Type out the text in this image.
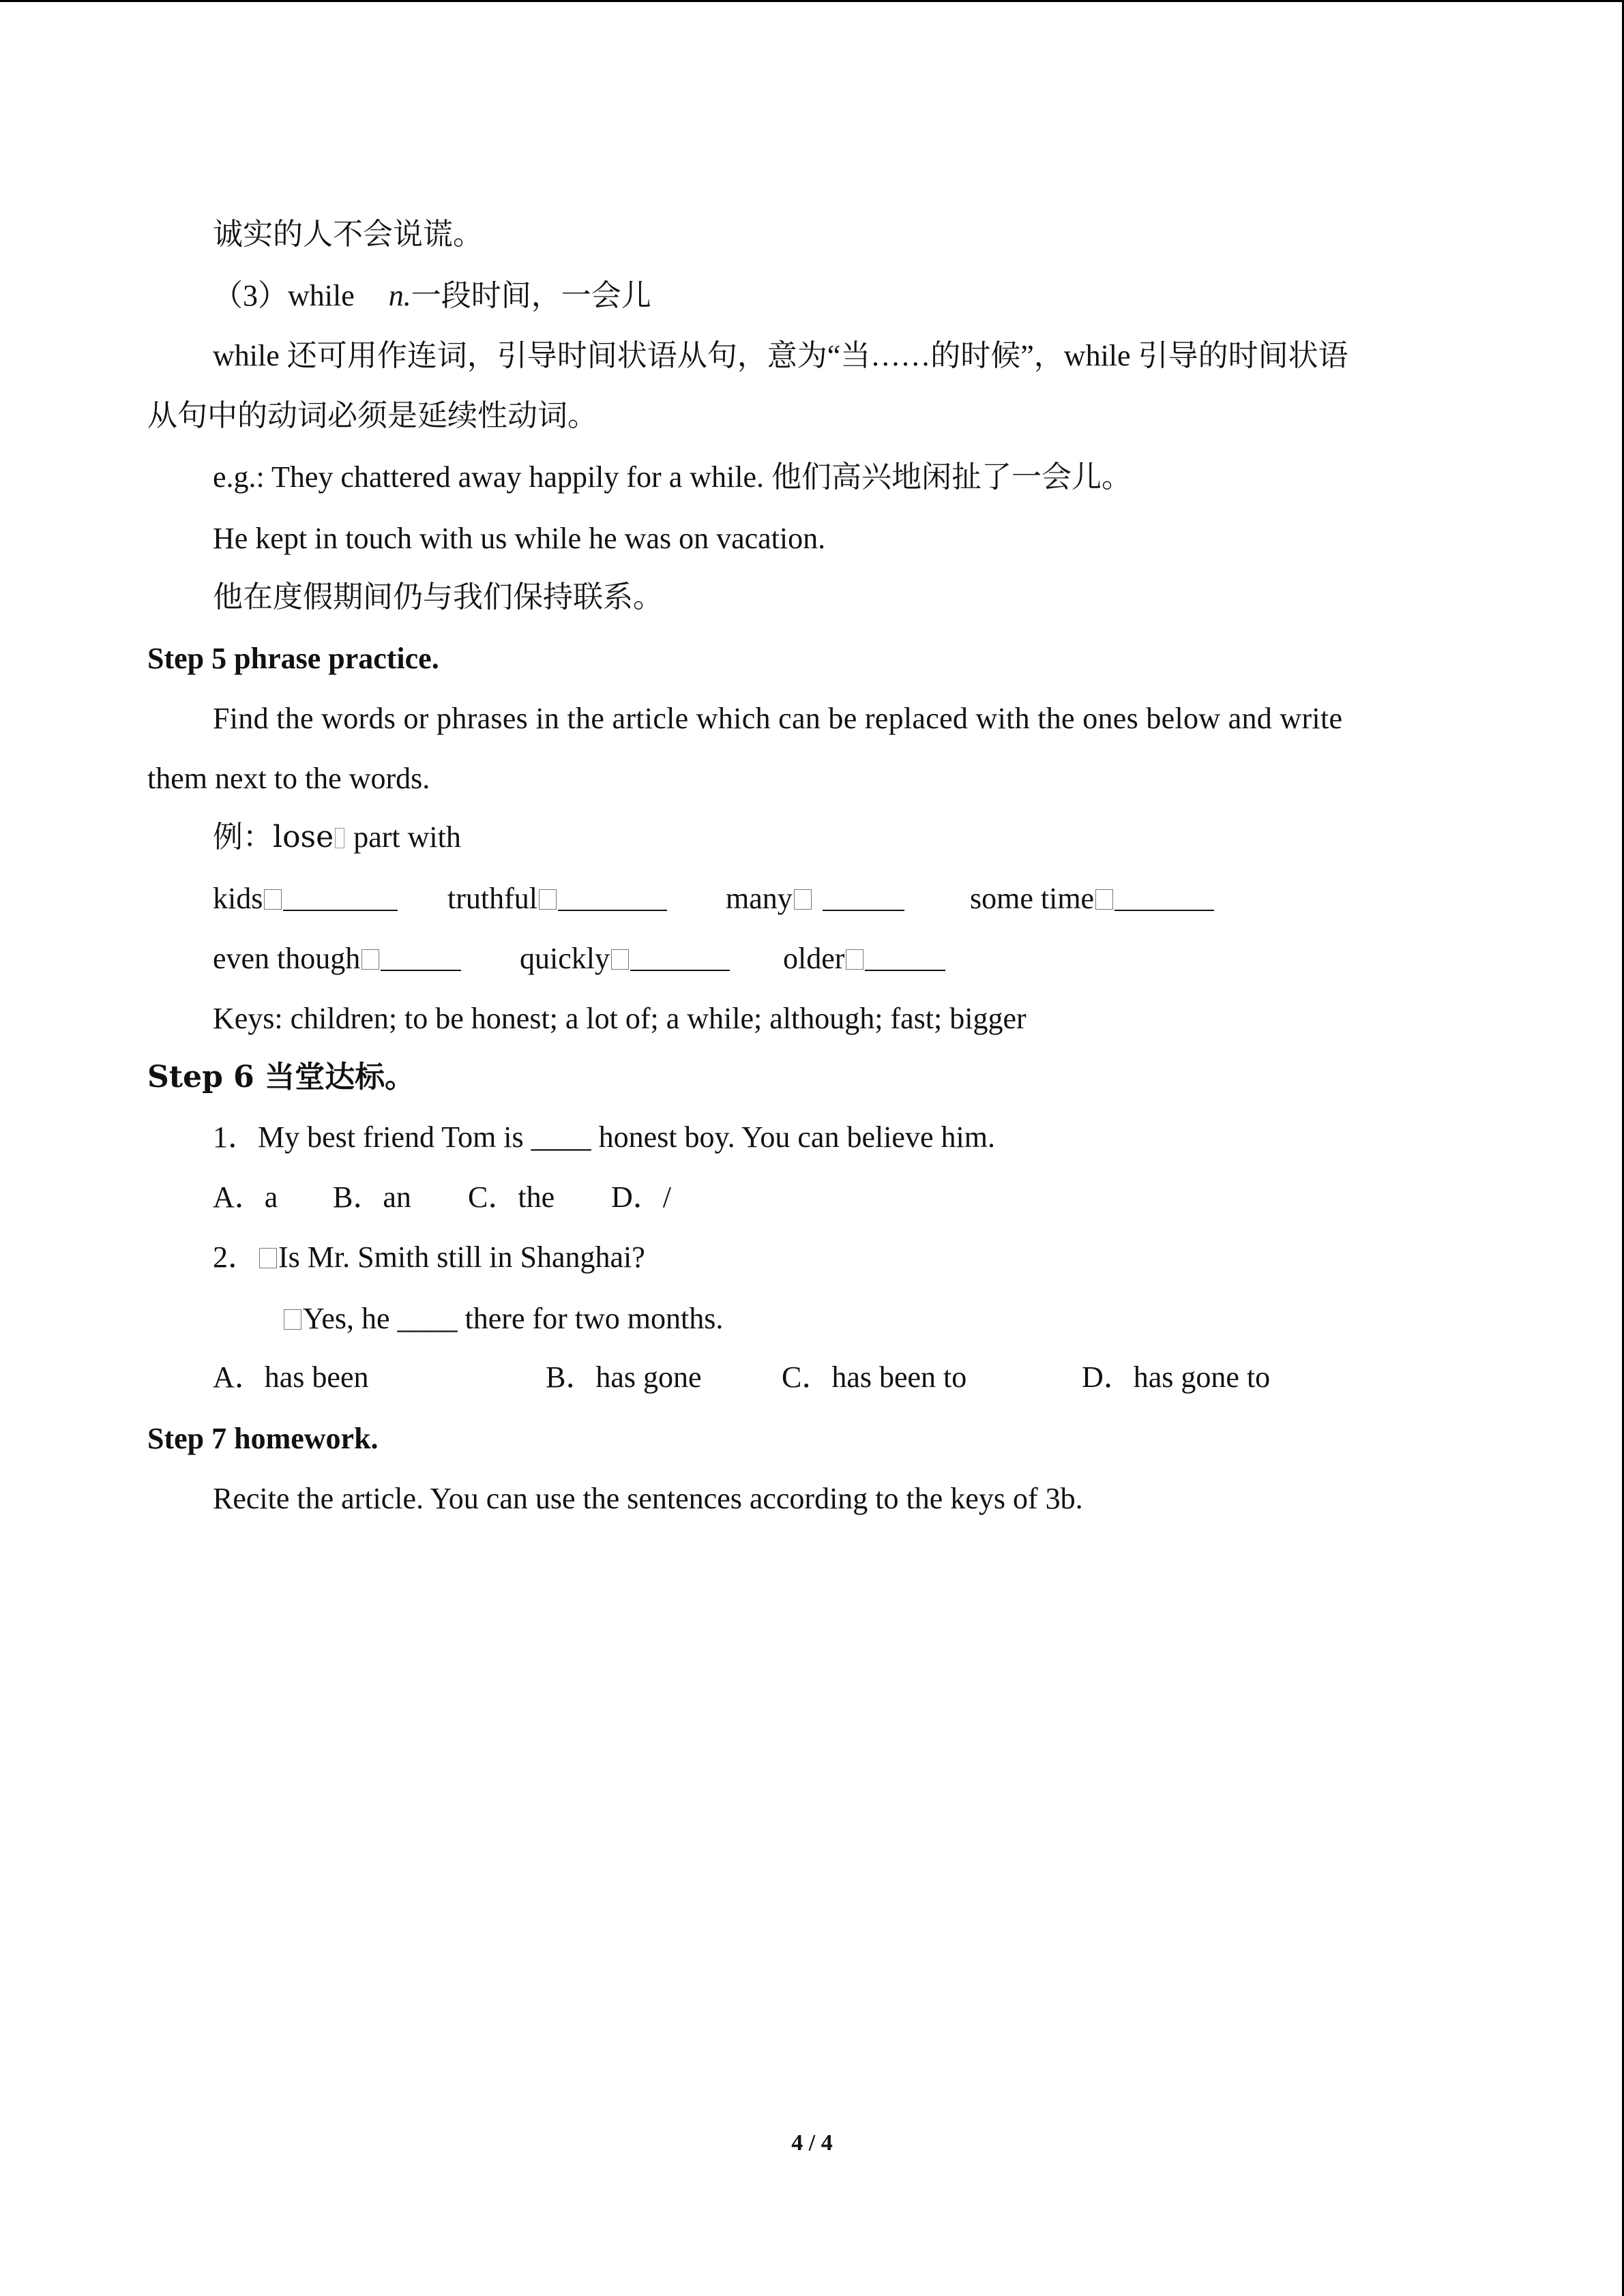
诚实的人不会说谎。
（3）while n.一段时间，一会儿
while 还可用作连词，引导时间状语从句，意为“当……的时候”，while 引导的时间状语
从句中的动词必须是延续性动词。
e.g.: They chattered away happily for a while. 他们高兴地闲扯了一会儿。
He kept in touch with us while he was on vacation.
他在度假期间仍与我们保持联系。
Step 5 phrase practice.
Find the words or phrases in the article which can be replaced with the ones below and write
them next to the words.
例：lose part with
kids	truthful	many	some time
even though	quickly	older
Keys: children; to be honest; a lot of; a while; although; fast; bigger
Step 6 当堂达标。
1．My best friend Tom is ____ honest boy. You can believe him.
A．a B．an C．the D．/
2． Is Mr. Smith still in Shanghai?
Yes, he ____ there for two months.
A．has been	B．has gone	C．has been to	D．has gone to
Step 7 homework.
Recite the article. You can use the sentences according to the keys of 3b.
4 / 4
